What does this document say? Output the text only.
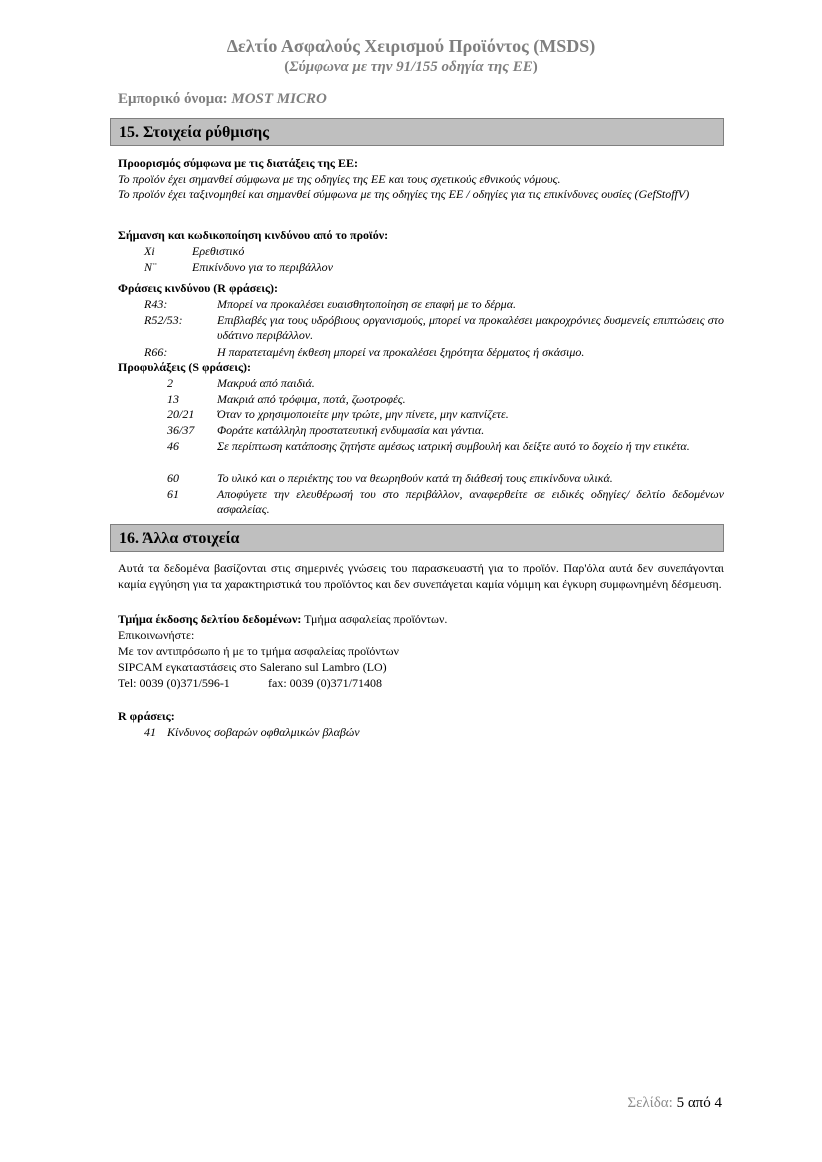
Δελτίο Ασφαλούς Χειρισμού Προϊόντος (MSDS)
(Σύμφωνα με την 91/155 οδηγία της ΕΕ)
Εμπορικό όνομα: MOST MICRO
15. Στοιχεία ρύθμισης
Προορισμός σύμφωνα με τις διατάξεις της ΕΕ:
Το προϊόν έχει σημανθεί σύμφωνα με της οδηγίες της ΕΕ και τους σχετικούς εθνικούς νόμους.
Το προϊόν έχει ταξινομηθεί και σημανθεί σύμφωνα με της οδηγίες της ΕΕ / οδηγίες για τις επικίνδυνες ουσίες (GefStoffV)
Σήμανση και κωδικοποίηση κινδύνου από το προϊόν:
Xi	Ερεθιστικό
N¨	Επικίνδυνο για το περιβάλλον
Φράσεις κινδύνου (R φράσεις):
R43:	Μπορεί να προκαλέσει ευαισθητοποίηση σε επαφή με το δέρμα.
R52/53:	Επιβλαβές για τους υδρόβιους οργανισμούς, μπορεί να προκαλέσει μακροχρόνιες δυσμενείς επιπτώσεις στο υδάτινο περιβάλλον.
R66:	Η παρατεταμένη έκθεση μπορεί να προκαλέσει ξηρότητα δέρματος ή σκάσιμο.
Προφυλάξεις (S φράσεις):
2	Μακρυά από παιδιά.
13	Μακριά από τρόφιμα, ποτά, ζωοτροφές.
20/21 Όταν το χρησιμοποιείτε μην τρώτε, μην πίνετε, μην καπνίζετε.
36/37 Φοράτε κατάλληλη προστατευτική ενδυμασία και γάντια.
46	Σε περίπτωση κατάποσης ζητήστε αμέσως ιατρική συμβουλή και δείξτε αυτό το δοχείο ή την ετικέτα.
60	Το υλικό και ο περιέκτης του να θεωρηθούν κατά τη διάθεσή τους επικίνδυνα υλικά.
61	Αποφύγετε την ελευθέρωσή του στο περιβάλλον, αναφερθείτε σε ειδικές οδηγίες/ δελτίο δεδομένων ασφαλείας.
16. Άλλα στοιχεία
Αυτά τα δεδομένα βασίζονται στις σημερινές γνώσεις του παρασκευαστή για το προϊόν. Παρ'όλα αυτά δεν συνεπάγονται καμία εγγύηση για τα χαρακτηριστικά του προϊόντος και δεν συνεπάγεται καμία νόμιμη και έγκυρη συμφωνημένη δέσμευση.
Τμήμα έκδοσης δελτίου δεδομένων: Τμήμα ασφαλείας προϊόντων.
Επικοινωνήστε:
Με τον αντιπρόσωπο ή με το τμήμα ασφαλείας προϊόντων
SIPCAM εγκαταστάσεις στο Salerano sul Lambro (LO)
Tel: 0039 (0)371/596-1	fax: 0039 (0)371/71408
R φράσεις:
41 Κίνδυνος σοβαρών οφθαλμικών βλαβών
Σελίδα: 5 από 4
